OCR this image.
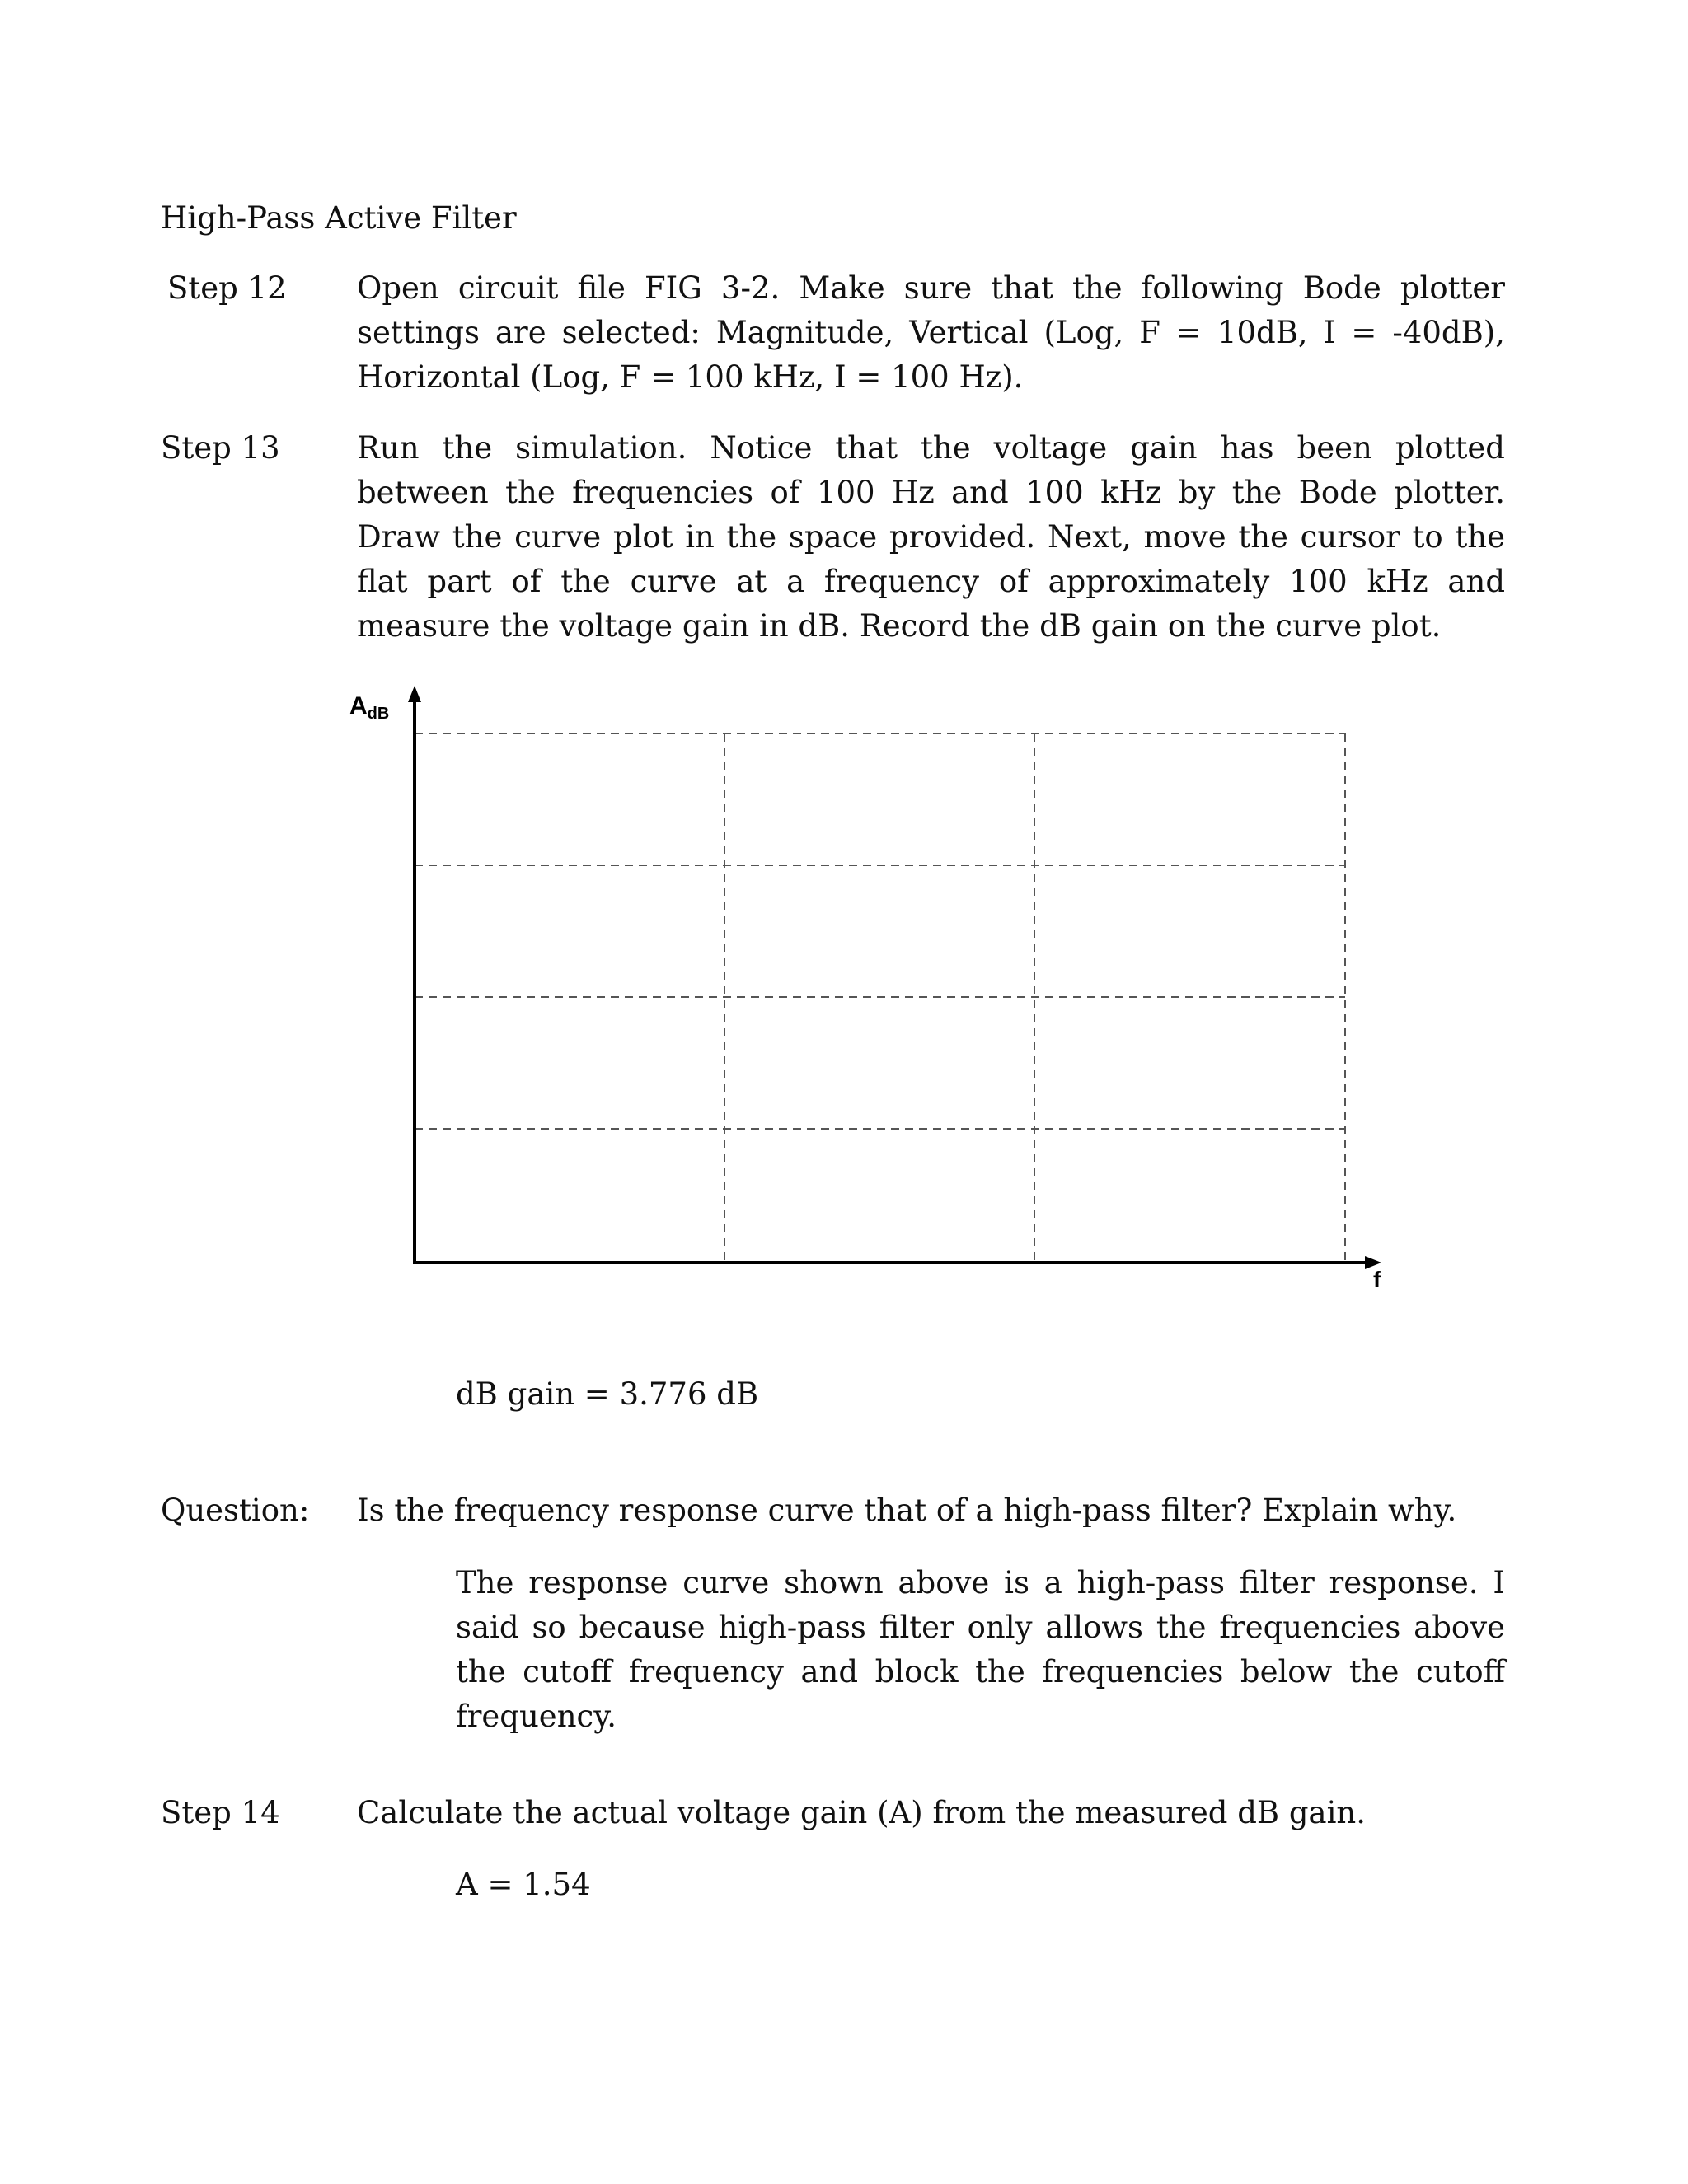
High-Pass Active Filter
Step 12 Open circuit file FIG 3-2. Make sure that the following Bode plotter settings are selected: Magnitude, Vertical (Log, F = 10dB, I = -40dB), Horizontal (Log, F = 100 kHz, I = 100 Hz).

Step 13	Run the simulation. Notice that the voltage gain has been plotted between the frequencies of 100 Hz and 100 kHz by the Bode plotter. Draw the curve plot in the space provided. Next, move the cursor to the flat part of the curve at a frequency of approximately 100 kHz and measure the voltage gain in dB. Record the dB gain on the curve plot.

$A_{dB}$
f

dB gain = 3.776 dB

Question: Is the frequency response curve that of a high-pass filter? Explain why.

The response curve shown above is a high-pass filter response. I said so because high-pass filter only allows the frequencies above the cutoff frequency and block the frequencies below the cutoff frequency.

Step 14	Calculate the actual voltage gain (A) from the measured dB gain.

A = 1.54
